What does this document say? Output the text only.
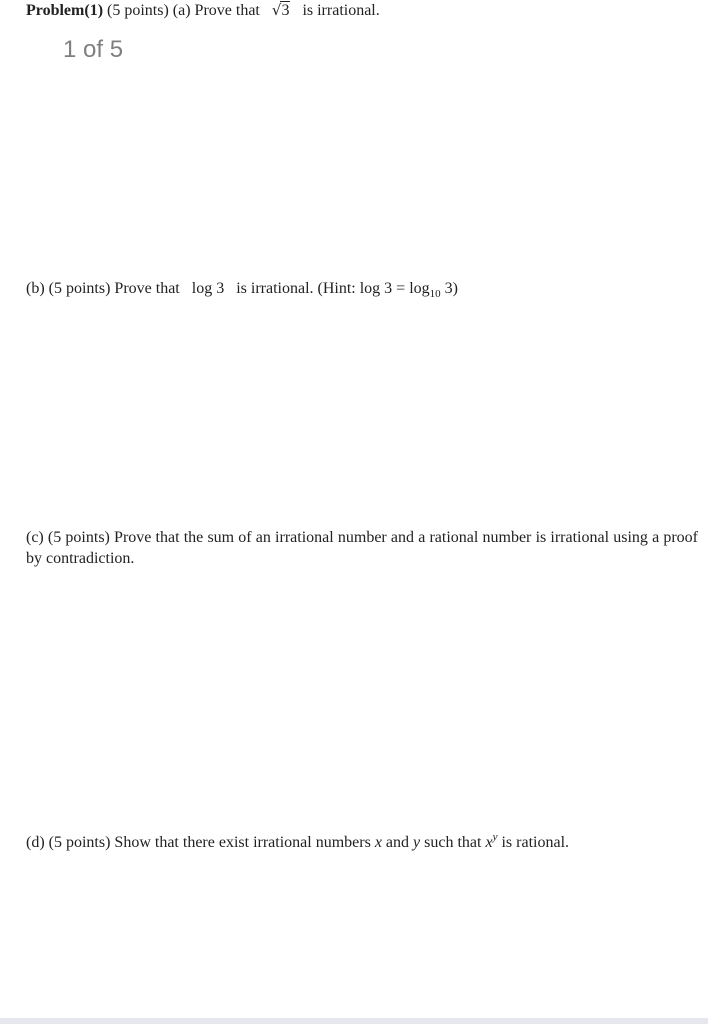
Problem(1) (5 points) (a) Prove that √3 is irrational.
1 of 5
(b) (5 points) Prove that log 3 is irrational. (Hint: $\log 3 = \log_{10} 3$)
(c) (5 points) Prove that the sum of an irrational number and a rational number is irrational using a proof by contradiction.
(d) (5 points) Show that there exist irrational numbers x and y such that $x^y$ is rational.
